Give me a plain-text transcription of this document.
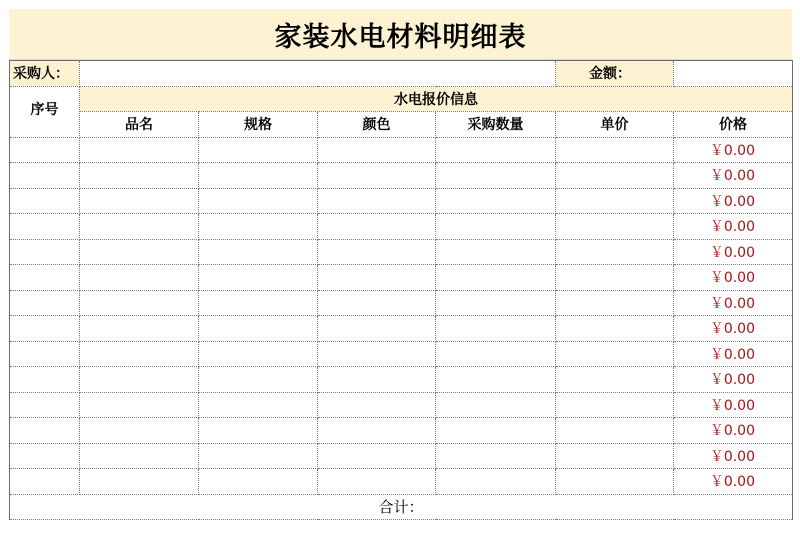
家装水电材料明细表
采购人：					金额：	
序号	水电报价信息					
	品名	规格	颜色	采购数量	单价	价格
						￥0.00
						￥0.00
						￥0.00
						￥0.00
						￥0.00
						￥0.00
						￥0.00
						￥0.00
						￥0.00
						￥0.00
						￥0.00
						￥0.00
						￥0.00
						￥0.00
合计：						
